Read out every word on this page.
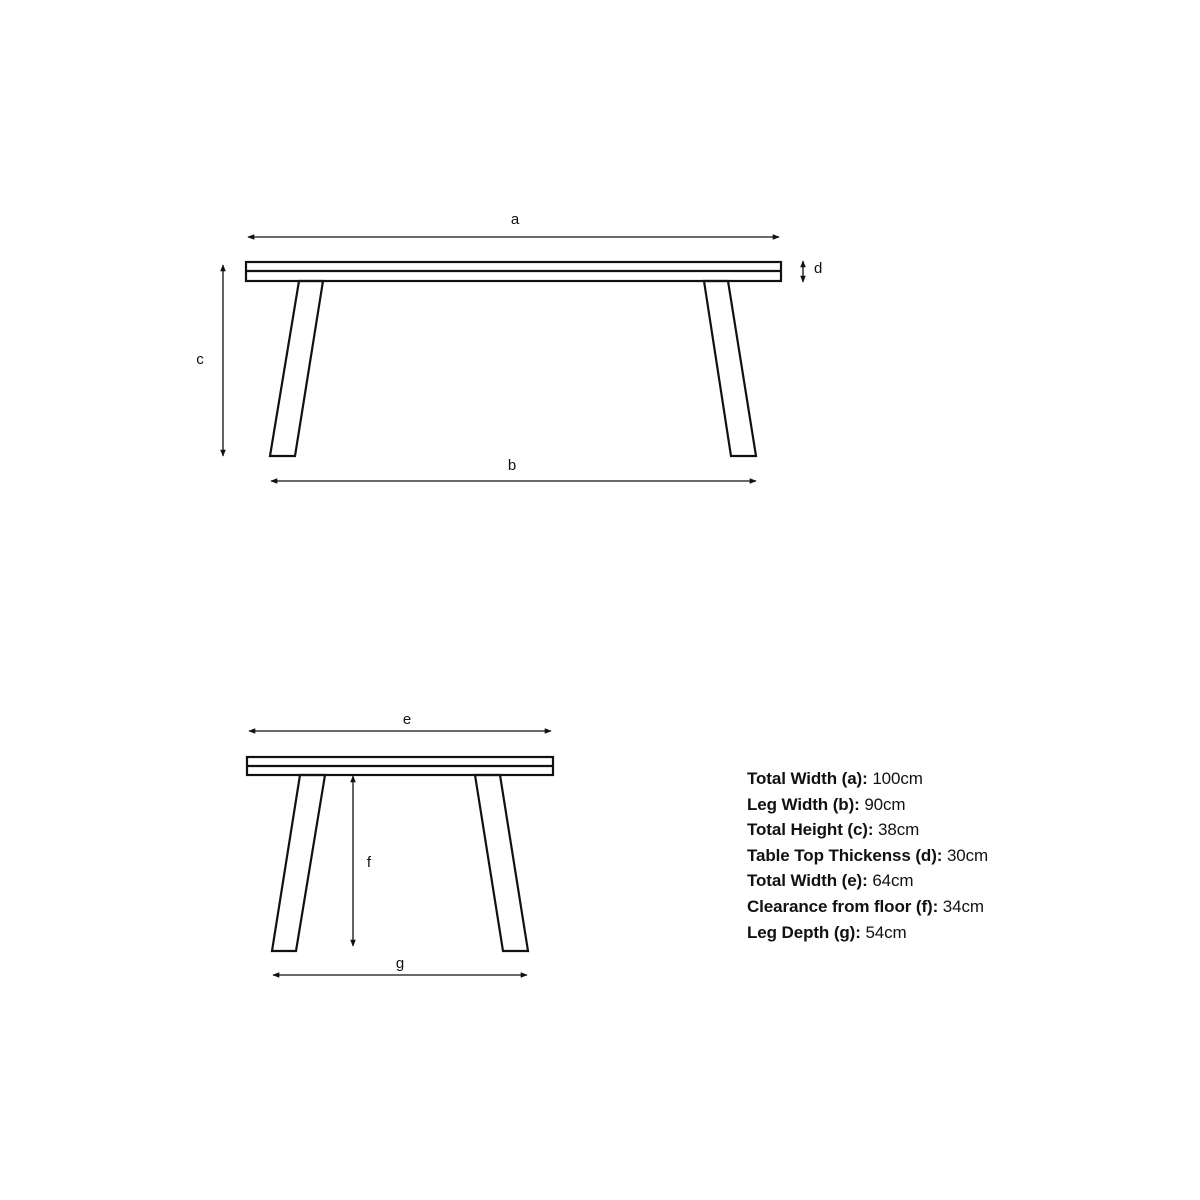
a
b
c
d
e
f
g
Total Width (a): 100cm
Leg Width (b): 90cm
Total Height (c): 38cm
Table Top Thickenss (d): 30cm
Total Width (e): 64cm
Clearance from floor (f): 34cm
Leg Depth (g): 54cm
